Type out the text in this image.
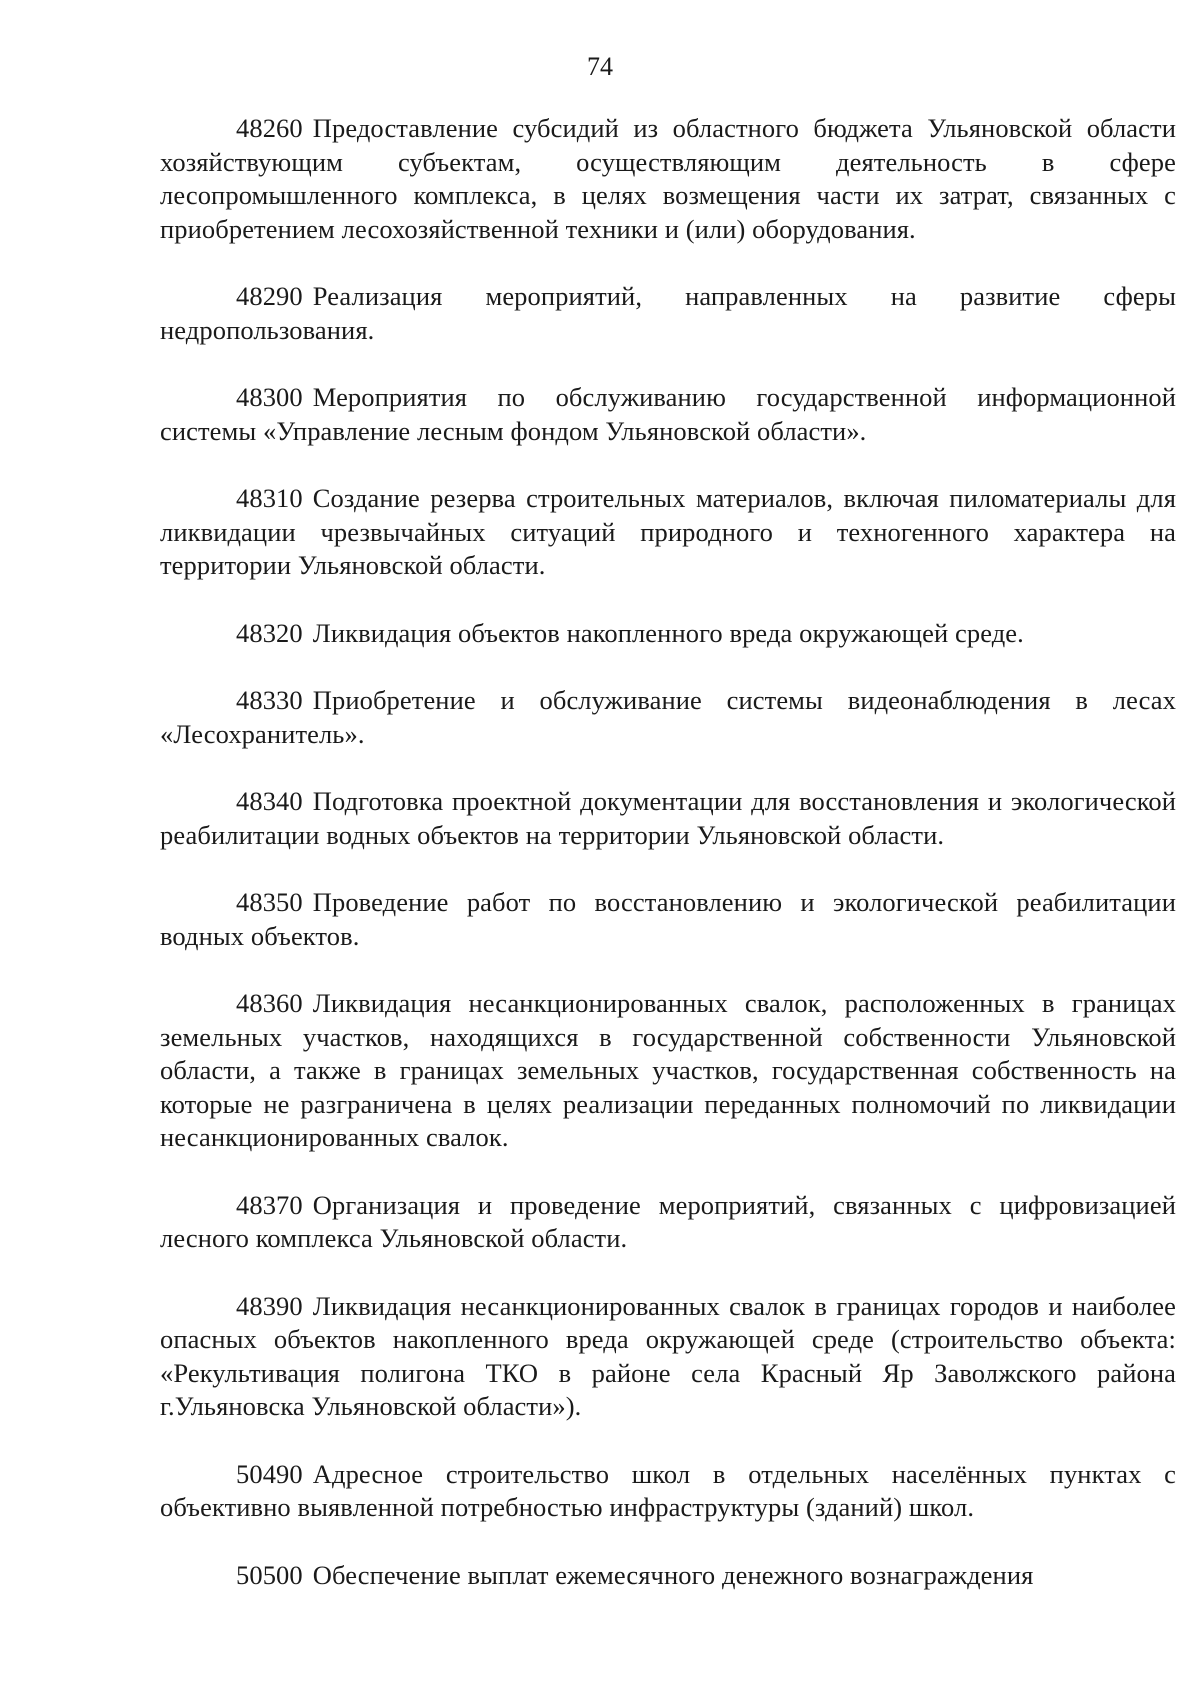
74

48260 Предоставление субсидий из областного бюджета Ульяновской области хозяйствующим субъектам, осуществляющим деятельность в сфере лесопромышленного комплекса, в целях возмещения части их затрат, связанных с приобретением лесохозяйственной техники и (или) оборудования.

48290 Реализация мероприятий, направленных на развитие сферы недропользования.

48300 Мероприятия по обслуживанию государственной информационной системы «Управление лесным фондом Ульяновской области».

48310 Создание резерва строительных материалов, включая пиломатериалы для ликвидации чрезвычайных ситуаций природного и техногенного характера на территории Ульяновской области.

48320 Ликвидация объектов накопленного вреда окружающей среде.

48330 Приобретение и обслуживание системы видеонаблюдения в лесах «Лесохранитель».

48340 Подготовка проектной документации для восстановления и экологической реабилитации водных объектов на территории Ульяновской области.

48350 Проведение работ по восстановлению и экологической реабилитации водных объектов.

48360 Ликвидация несанкционированных свалок, расположенных в границах земельных участков, находящихся в государственной собственности Ульяновской области, а также в границах земельных участков, государственная собственность на которые не разграничена в целях реализации переданных полномочий по ликвидации несанкционированных свалок.

48370 Организация и проведение мероприятий, связанных с цифровизацией лесного комплекса Ульяновской области.

48390 Ликвидация несанкционированных свалок в границах городов и наиболее опасных объектов накопленного вреда окружающей среде (строительство объекта: «Рекультивация полигона ТКО в районе села Красный Яр Заволжского района г.Ульяновска Ульяновской области»).

50490 Адресное строительство школ в отдельных населённых пунктах с объективно выявленной потребностью инфраструктуры (зданий) школ.

50500 Обеспечение выплат ежемесячного денежного вознаграждения
